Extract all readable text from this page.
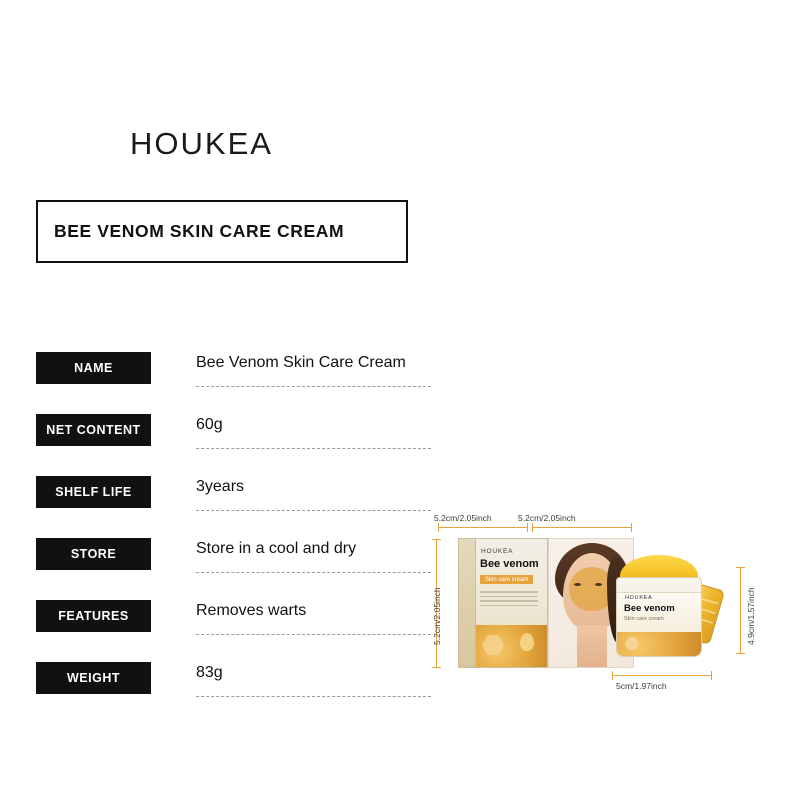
HOUKEA
BEE VENOM SKIN CARE CREAM
NAME	Bee Venom Skin Care Cream
NET CONTENT	60g
SHELF LIFE	3years
STORE	Store in a cool and dry
FEATURES	Removes warts
WEIGHT	83g
5.2cm/2.05inch	5.2cm/2.05inch
5.2cm/2.05inch	4.9cm/1.57inch
5cm/1.97inch
HOUKEA
Bee venom
Skin care cream
HOUKEA
Bee venom
Skin care cream
